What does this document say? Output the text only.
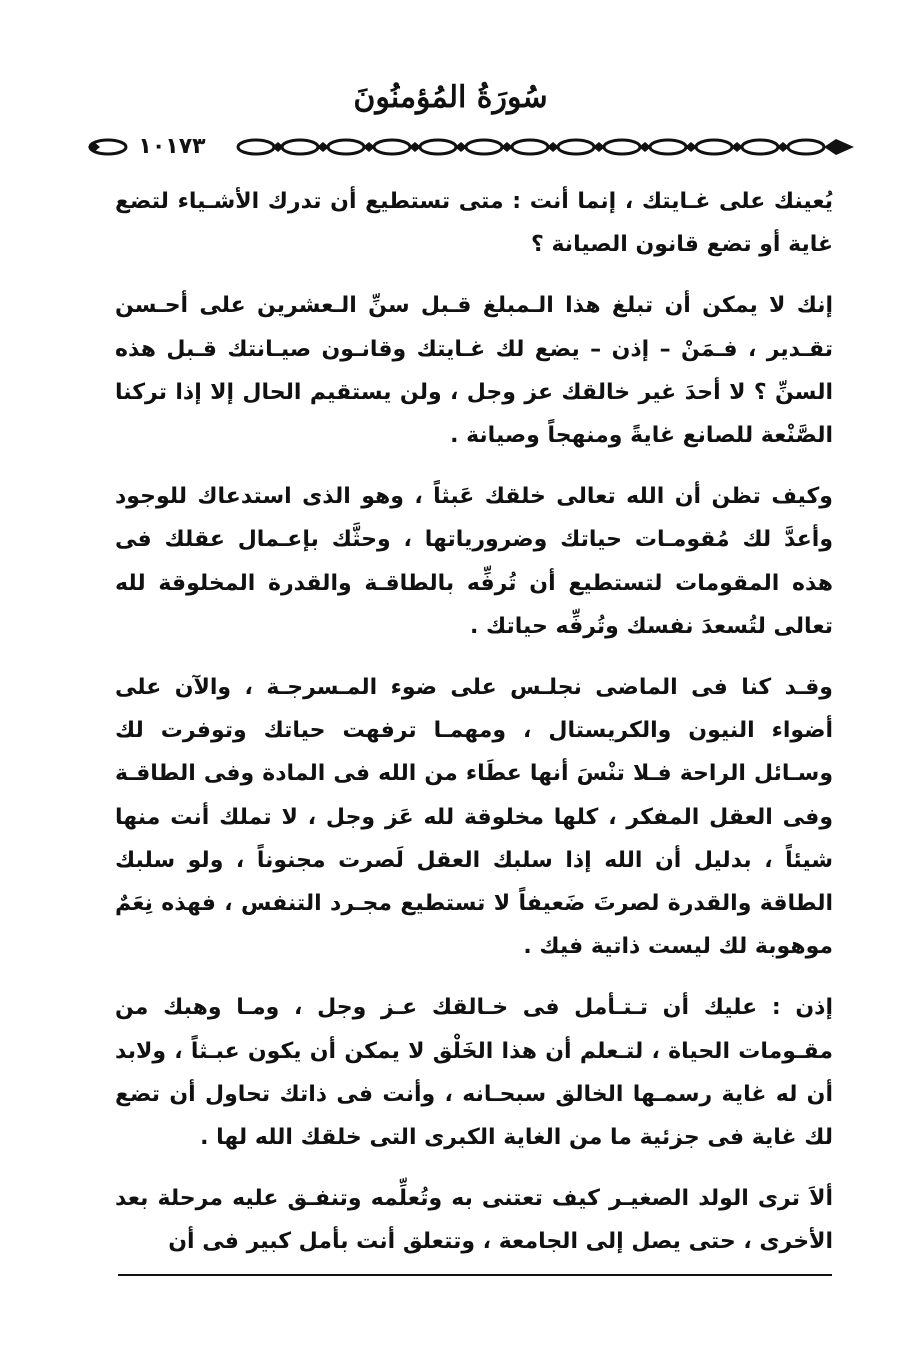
سُورَةُ المُؤمنُونَ
١٠١٧٣

يُعينك على غـايتك ، إنما أنت : متى تستطيع أن تدرك الأشـياء لتضع غاية أو تضع قانون الصيانة ؟

إنك لا يمكن أن تبلغ هذا الـمبلغ قـبل سنِّ الـعشرين على أحـسن تقـدير ، فـمَنْ – إذن – يضع لك غـايتك وقانـون صيـانتك قـبل هذه السنِّ ؟ لا أحدَ غير خالقك عز وجل ، ولن يستقيم الحال إلا إذا تركنا الصَّنْعة للصانع غايةً ومنهجاً وصيانة .

وكيف تظن أن الله تعالى خلقك عَبثاً ، وهو الذى استدعاك للوجود وأعدَّ لك مُقومـات حياتك وضرورياتها ، وحثَّك بإعـمال عقلك فى هذه المقومات لتستطيع أن تُرفِّه بالطاقـة والقدرة المخلوقة لله تعالى لتُسعدَ نفسك وتُرفِّه حياتك .

وقـد كنا فى الماضى نجلـس على ضوء المـسرجـة ، والآن على أضواء النيون والكريستال ، ومهمـا ترفهت حياتك وتوفرت لك وسـائل الراحة فـلا تنْسَ أنها عطَاء من الله فى المادة وفى الطاقـة وفى العقل المفكر ، كلها مخلوقة لله عَز وجل ، لا تملك أنت منها شيئاً ، بدليل أن الله إذا سلبك العقل لَصرت مجنوناً ، ولو سلبك الطاقة والقدرة لصرتَ ضَعيفاً لا تستطيع مجـرد التنفس ، فهذه نِعَمٌ موهوبة لك ليست ذاتية فيك .

إذن : عليك أن تـتـأمل فى خـالقك عـز وجل ، ومـا وهبك من مقـومات الحياة ، لتـعلم أن هذا الخَلْق لا يمكن أن يكون عبـثاً ، ولابد أن له غاية رسمـها الخالق سبحـانه ، وأنت فى ذاتك تحاول أن تضع لك غاية فى جزئية ما من الغاية الكبرى التى خلقك الله لها .

ألاَ ترى الولد الصغيـر كيف تعتنى به وتُعلِّمه وتنفـق عليه مرحلة بعد الأخرى ، حتى يصل إلى الجامعة ، وتتعلق أنت بأمل كبير فى أن
